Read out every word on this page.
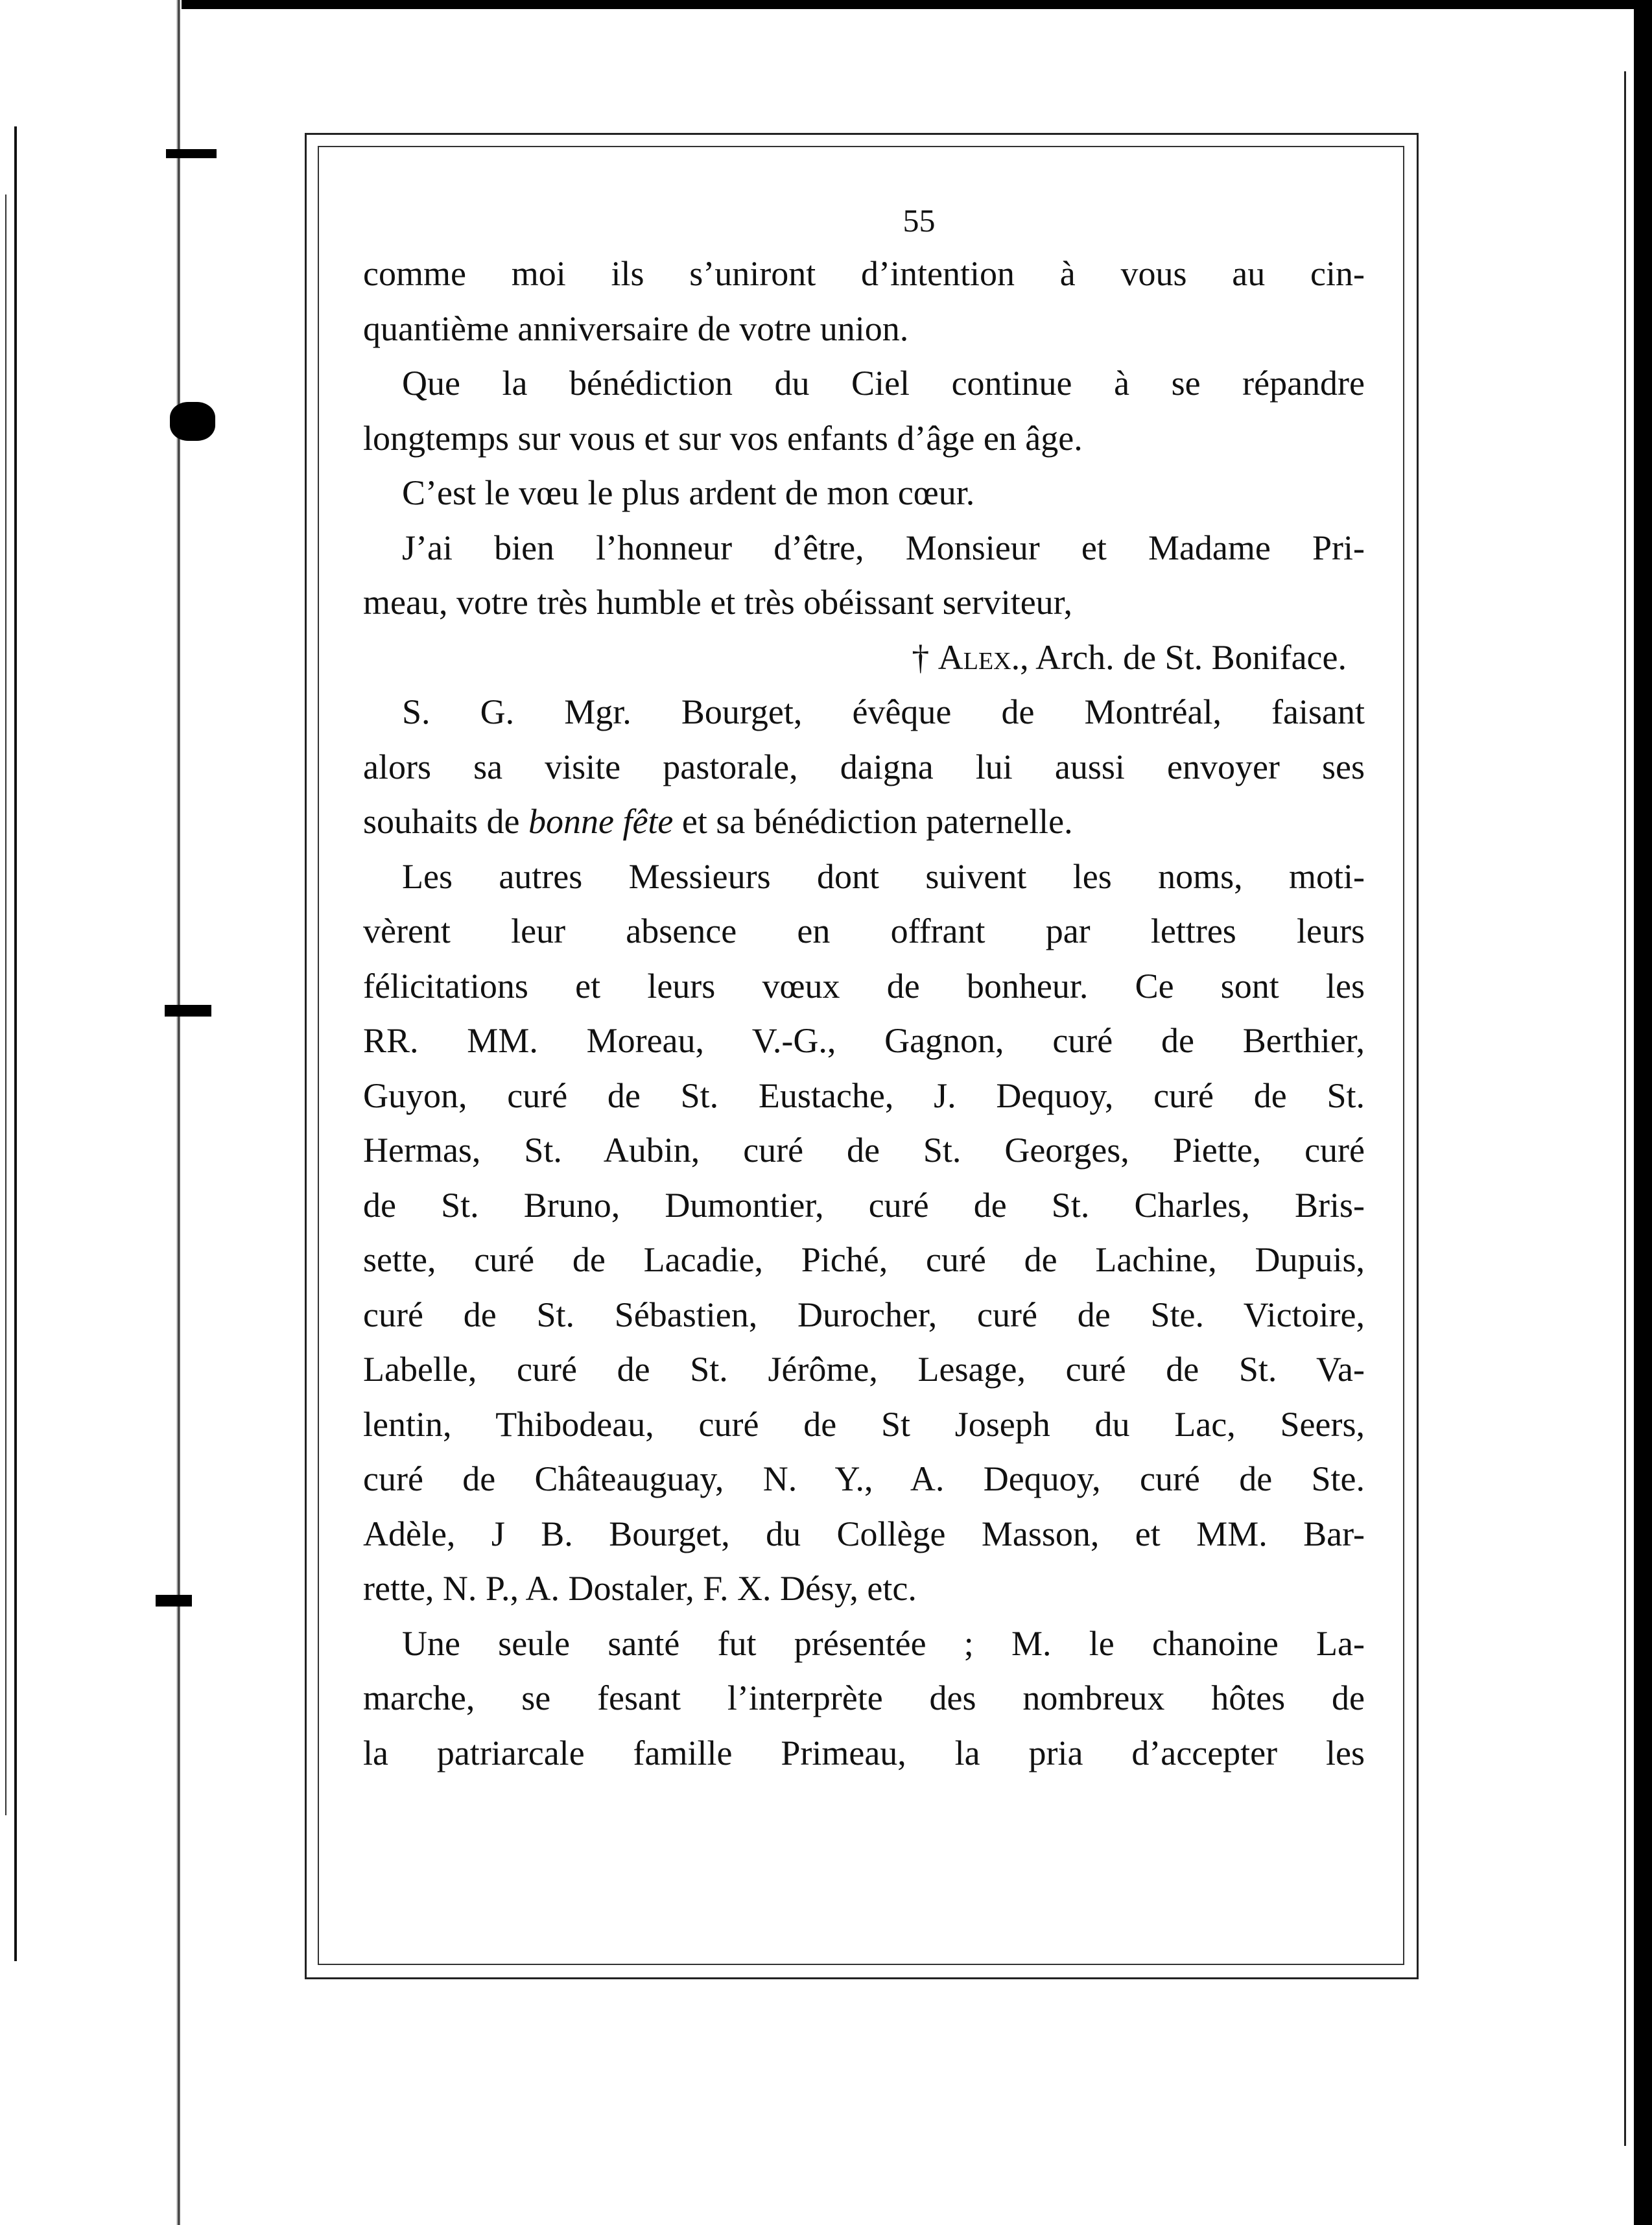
55
comme moi ils s’uniront d’intention à vous au cin-
quantième anniversaire de votre union.
Que la bénédiction du Ciel continue à se répandre
longtemps sur vous et sur vos enfants d’âge en âge.
C’est le vœu le plus ardent de mon cœur.
J’ai bien l’honneur d’être, Monsieur et Madame Pri-
meau, votre très humble et très obéissant serviteur,
† Alex., Arch. de St. Boniface.
S. G. Mgr. Bourget, évêque de Montréal, faisant
alors sa visite pastorale, daigna lui aussi envoyer ses
souhaits de bonne fête et sa bénédiction paternelle.
Les autres Messieurs dont suivent les noms, moti-
vèrent leur absence en offrant par lettres leurs
félicitations et leurs vœux de bonheur. Ce sont les
RR. MM. Moreau, V.-G., Gagnon, curé de Berthier,
Guyon, curé de St. Eustache, J. Dequoy, curé de St.
Hermas, St. Aubin, curé de St. Georges, Piette, curé
de St. Bruno, Dumontier, curé de St. Charles, Bris-
sette, curé de Lacadie, Piché, curé de Lachine, Dupuis,
curé de St. Sébastien, Durocher, curé de Ste. Victoire,
Labelle, curé de St. Jérôme, Lesage, curé de St. Va-
lentin, Thibodeau, curé de St Joseph du Lac, Seers,
curé de Châteauguay, N. Y., A. Dequoy, curé de Ste.
Adèle, J B. Bourget, du Collège Masson, et MM. Bar-
rette, N. P., A. Dostaler, F. X. Désy, etc.
Une seule santé fut présentée ; M. le chanoine La-
marche, se fesant l’interprète des nombreux hôtes de
la patriarcale famille Primeau, la pria d’accepter les
